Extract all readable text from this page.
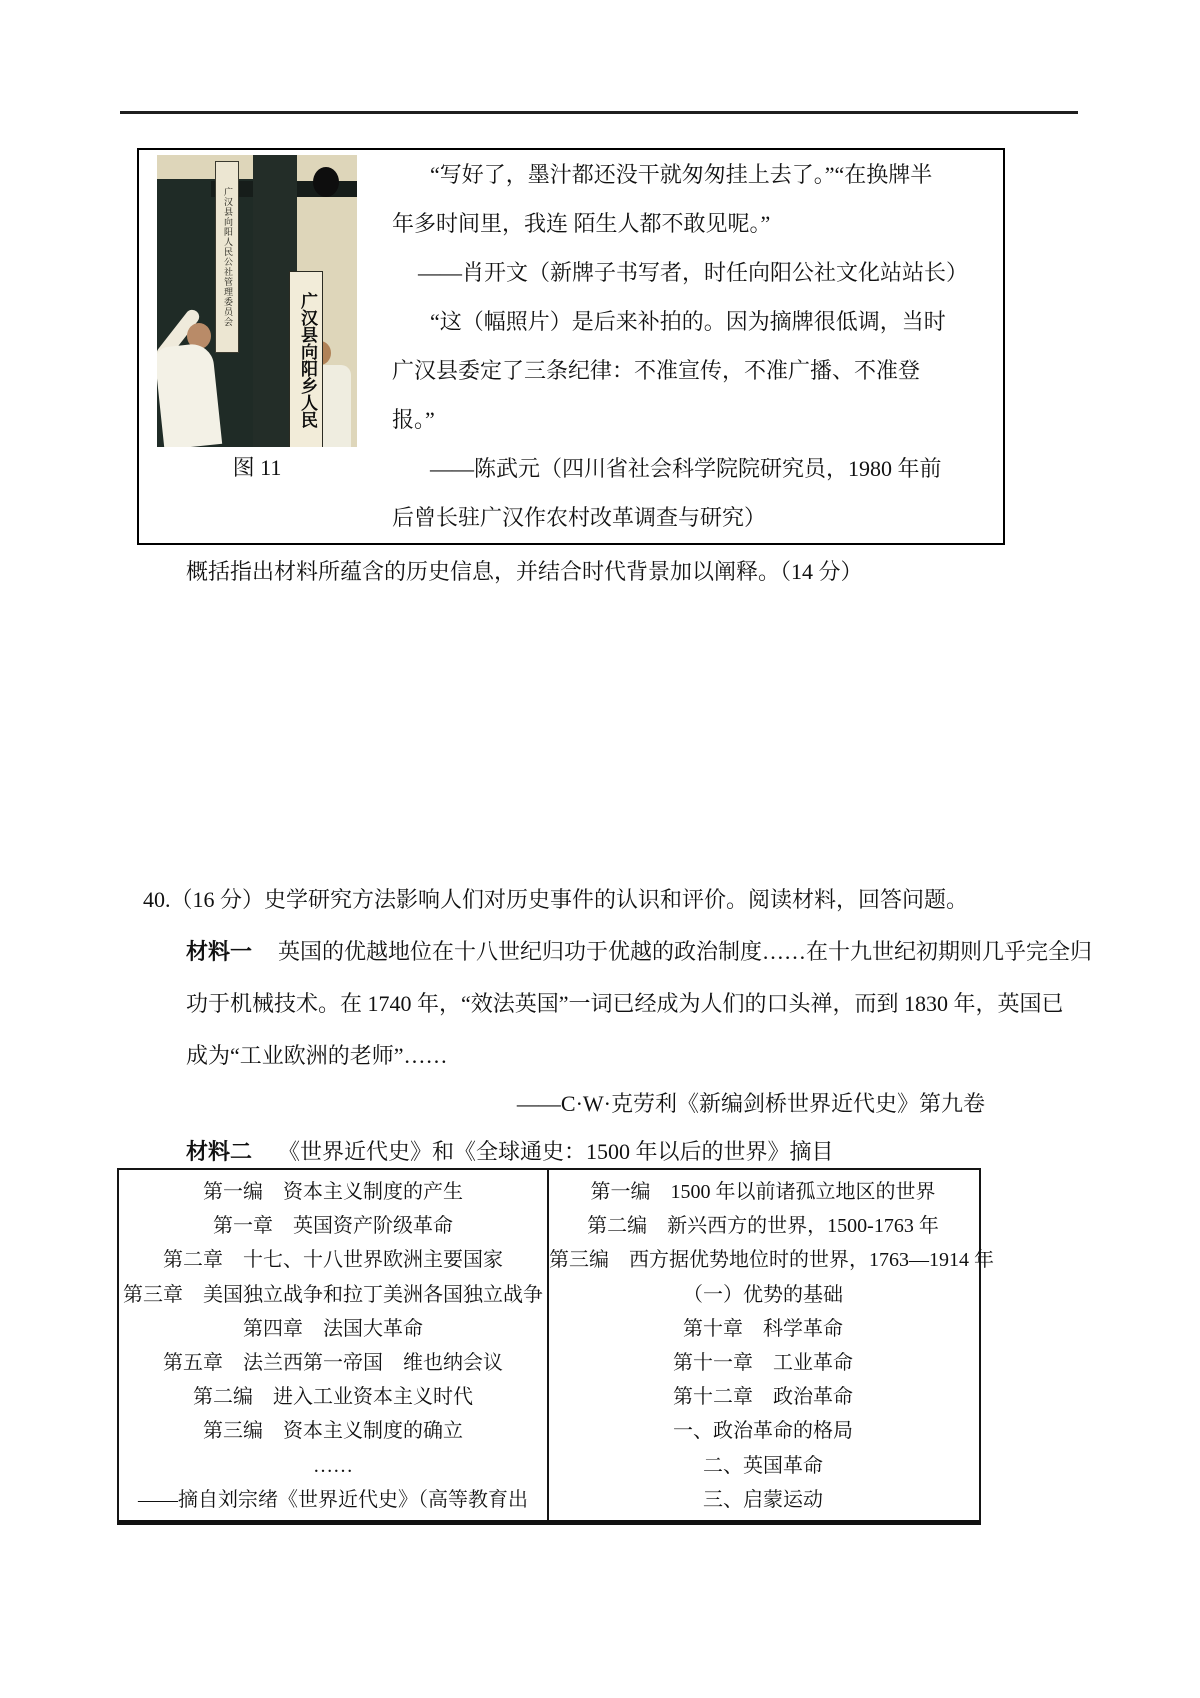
广汉县向阳人民公社管理委员会
广汉县向阳乡人民
图 11
“写好了，墨汁都还没干就匆匆挂上去了。”“在换牌半
年多时间里，我连 陌生人都不敢见呢。”
——肖开文（新牌子书写者，时任向阳公社文化站站长）
“这（幅照片）是后来补拍的。因为摘牌很低调，当时
广汉县委定了三条纪律：不准宣传，不准广播、不准登
报。”
——陈武元（四川省社会科学院院研究员，1980 年前
后曾长驻广汉作农村改革调查与研究）
概括指出材料所蕴含的历史信息，并结合时代背景加以阐释。（14 分）
40.（16 分）史学研究方法影响人们对历史事件的认识和评价。阅读材料，回答问题。
材料一 英国的优越地位在十八世纪归功于优越的政治制度……在十九世纪初期则几乎完全归
功于机械技术。在 1740 年，“效法英国”一词已经成为人们的口头禅，而到 1830 年，英国已
成为“工业欧洲的老师”……
——C·W·克劳利《新编剑桥世界近代史》第九卷
材料二 《世界近代史》和《全球通史：1500 年以后的世界》摘目
第一编　资本主义制度的产生
第一章　英国资产阶级革命
第二章　十七、十八世界欧洲主要国家
第三章　美国独立战争和拉丁美洲各国独立战争
第四章　法国大革命
第五章　法兰西第一帝国　维也纳会议
第二编　进入工业资本主义时代
第三编　资本主义制度的确立
……
——摘自刘宗绪《世界近代史》（高等教育出
第一编　1500 年以前诸孤立地区的世界
第二编　新兴西方的世界，1500-1763 年
第三编　西方据优势地位时的世界，1763—1914 年
（一）优势的基础
第十章　科学革命
第十一章　工业革命
第十二章　政治革命
一、政治革命的格局
二、英国革命
三、启蒙运动
